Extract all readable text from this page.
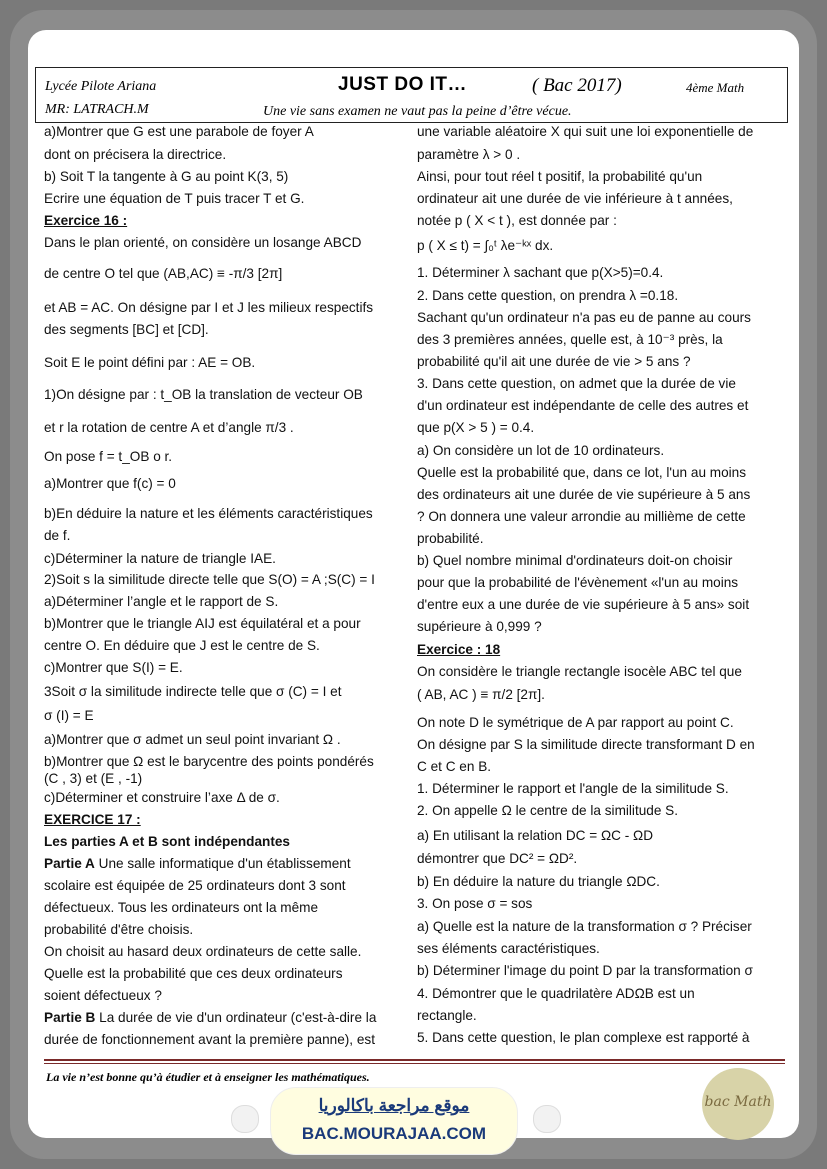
Lycée Pilote Ariana
MR: LATRACH.M
JUST DO IT…	( Bac 2017)	4ème Math
Une vie sans examen ne vaut pas la peine d’être vécue.
a)Montrer que G est une parabole de foyer A
dont on précisera la directrice.
b) Soit T la tangente à G au point K(3, 5)
Ecrire une équation de T puis tracer T et G.
Exercice 16 :
Dans le plan orienté, on considère un losange ABCD
de centre O tel que (AB,AC) ≡ -π/3 [2π]
et AB = AC. On désigne par I et J les milieux respectifs
des segments [BC] et [CD].
Soit E le point défini par : AE = OB.
1)On désigne par : t_OB la translation de vecteur OB
et r la rotation de centre A et d’angle π/3 .
On pose f = t_OB o r.
a)Montrer que f(c) = 0
b)En déduire la nature et les éléments caractéristiques
de f.
c)Déterminer la nature de triangle IAE.
2)Soit s la similitude directe telle que S(O) = A ;S(C) = I
a)Déterminer l’angle et le rapport de S.
b)Montrer que le triangle AIJ est équilatéral et a pour
centre O. En déduire que J est le centre de S.
c)Montrer que S(I) = E.
3Soit σ la similitude indirecte telle que σ (C) = I et
σ (I) = E
a)Montrer que σ admet un seul point invariant Ω .
b)Montrer que Ω est le barycentre des points pondérés
(C , 3) et (E , -1)
c)Déterminer et construire l’axe Δ de σ.
EXERCICE 17 :
Les parties A et B sont indépendantes
Partie A Une salle informatique d'un établissement
scolaire est équipée de 25 ordinateurs dont 3 sont
défectueux. Tous les ordinateurs ont la même
probabilité d'être choisis.
On choisit au hasard deux ordinateurs de cette salle.
Quelle est la probabilité que ces deux ordinateurs
soient défectueux ?
Partie B La durée de vie d'un ordinateur (c'est-à-dire la
durée de fonctionnement avant la première panne), est
une variable aléatoire X qui suit une loi exponentielle de
paramètre λ > 0 .
Ainsi, pour tout réel t positif, la probabilité qu'un
ordinateur ait une durée de vie inférieure à t années,
notée p ( X < t ), est donnée par :
p ( X ≤ t) = ∫₀ᵗ λe⁻ᵏˣ dx.
1. Déterminer λ sachant que p(X>5)=0.4.
2. Dans cette question, on prendra λ =0.18.
Sachant qu'un ordinateur n'a pas eu de panne au cours
des 3 premières années, quelle est, à 10⁻³ près, la
probabilité qu'il ait une durée de vie > 5 ans ?
3. Dans cette question, on admet que la durée de vie
d'un ordinateur est indépendante de celle des autres et
que p(X > 5 ) = 0.4.
a) On considère un lot de 10 ordinateurs.
Quelle est la probabilité que, dans ce lot, l'un au moins
des ordinateurs ait une durée de vie supérieure à 5 ans
? On donnera une valeur arrondie au millième de cette
probabilité.
b) Quel nombre minimal d'ordinateurs doit-on choisir
pour que la probabilité de l'évènement «l'un au moins
d'entre eux a une durée de vie supérieure à 5 ans» soit
supérieure à 0,999 ?
Exercice : 18
On considère le triangle rectangle isocèle ABC tel que
( AB, AC ) ≡ π/2 [2π].
On note D le symétrique de A par rapport au point C.
On désigne par S la similitude directe transformant D en
C et C en B.
1. Déterminer le rapport et l'angle de la similitude S.
2. On appelle Ω le centre de la similitude S.
a) En utilisant la relation DC = ΩC - ΩD
démontrer que DC² = ΩD².
b) En déduire la nature du triangle ΩDC.
3. On pose σ = sos
a) Quelle est la nature de la transformation σ ? Préciser
ses éléments caractéristiques.
b) Déterminer l'image du point D par la transformation σ
4. Démontrer que le quadrilatère ADΩB est un
rectangle.
5. Dans cette question, le plan complexe est rapporté à
La vie n’est bonne qu’à étudier et à enseigner les mathématiques.
موقع مراجعة باكالوريا
BAC.MOURAJAA.COM
bac Math
